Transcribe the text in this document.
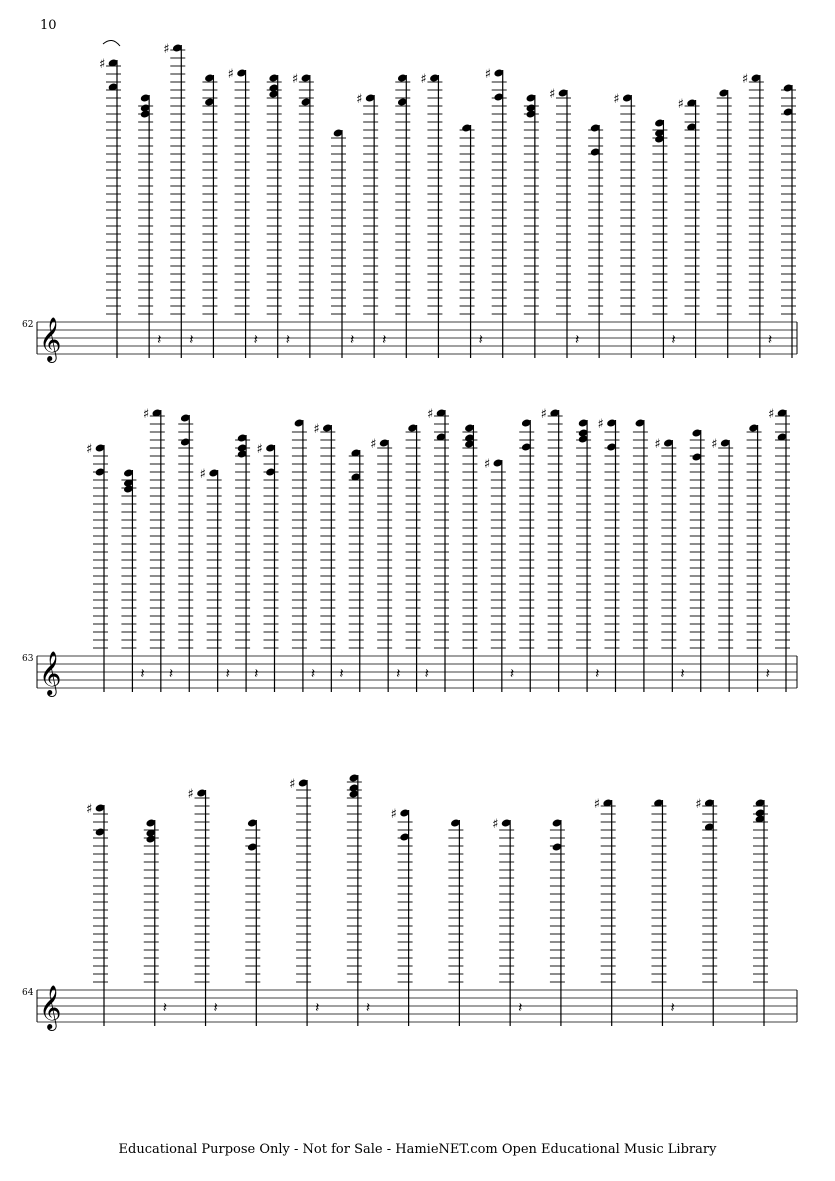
10
62
63
64
𝄞
♯
𝄽
♯
𝄽
♯
𝄽 𝄽
♯
𝄽
♯
𝄽
♯
𝄽
♯
♯
𝄽
♯
𝄽
♯
♯
𝄽
𝄞
♯
𝄽
♯
𝄽
♯
𝄽 𝄽
♯
𝄽
♯
𝄽
♯
𝄽 𝄽
♯
♯
𝄽
♯
𝄽
♯
♯
𝄽
♯
𝄽
♯
𝄞
♯
𝄽
♯
𝄽
♯
𝄽	𝄽
♯
♯
𝄽
♯
𝄽
♯
Educational Purpose Only - Not for Sale - HamieNET.com Open Educational Music Library
